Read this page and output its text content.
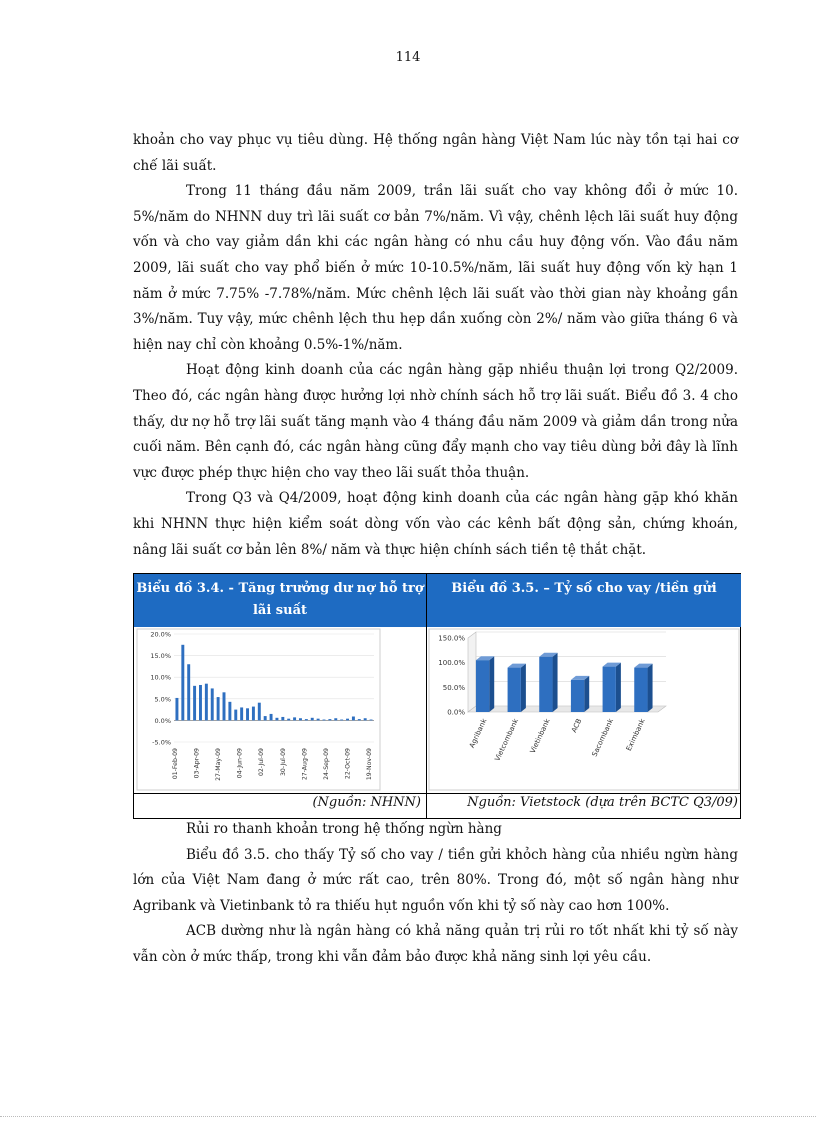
114

khoản cho vay phục vụ tiêu dùng. Hệ thống ngân hàng Việt Nam lúc này tồn tại hai cơ chế lãi suất.

Trong 11 tháng đầu năm 2009, trần lãi suất cho vay không đổi ở mức 10. 5%/năm do NHNN duy trì lãi suất cơ bản 7%/năm. Vì vậy, chênh lệch lãi suất huy động vốn và cho vay giảm dần khi các ngân hàng có nhu cầu huy động vốn. Vào đầu năm 2009, lãi suất cho vay phổ biến ở mức 10-10.5%/năm, lãi suất huy động vốn kỳ hạn 1 năm ở mức 7.75% -7.78%/năm. Mức chênh lệch lãi suất vào thời gian này khoảng gần 3%/năm. Tuy vậy, mức chênh lệch thu hẹp dần xuống còn 2%/ năm vào giữa tháng 6 và hiện nay chỉ còn khoảng 0.5%-1%/năm.

Hoạt động kinh doanh của các ngân hàng gặp nhiều thuận lợi trong Q2/2009. Theo đó, các ngân hàng được hưởng lợi nhờ chính sách hỗ trợ lãi suất. Biểu đồ 3. 4 cho thấy, dư nợ hỗ trợ lãi suất tăng mạnh vào 4 tháng đầu năm 2009 và giảm dần trong nửa cuối năm. Bên cạnh đó, các ngân hàng cũng đẩy mạnh cho vay tiêu dùng bởi đây là lĩnh vực được phép thực hiện cho vay theo lãi suất thỏa thuận.

Trong Q3 và Q4/2009, hoạt động kinh doanh của các ngân hàng gặp khó khăn khi NHNN thực hiện kiểm soát dòng vốn vào các kênh bất động sản, chứng khoán, nâng lãi suất cơ bản lên 8%/ năm và thực hiện chính sách tiền tệ thắt chặt.

Biểu đồ 3.4. - Tăng trưởng dư nợ hỗ trợ lãi suất
Biểu đồ 3.5. – Tỷ số cho vay /tiền gửi
20.0%
15.0%
10.0%
5.0%
0.0%
-5.0%
01-Feb-09 03-Apr-09 27-May-09 04-Jun-09 02-Jul-09 30-Jul-09 27-Aug-09 24-Sep-09 22-Oct-09 19-Nov-09
150.0%
100.0%
50.0%
0.0%
Agribank Vietcombank Vietinbank	ACB Sacombank Eximbank
(Nguồn: NHNN)	Nguồn: Vietstock (dựa trên BCTC Q3/09)

Rủi ro thanh khoản trong hệ thống ngừn hàng

Biểu đồ 3.5. cho thấy Tỷ số cho vay / tiền gửi khỏch hàng của nhiều ngừn hàng lớn của Việt Nam đang ở mức rất cao, trên 80%. Trong đó, một số ngân hàng như Agribank và Vietinbank tỏ ra thiếu hụt nguồn vốn khi tỷ số này cao hơn 100%.

ACB dường như là ngân hàng có khả năng quản trị rủi ro tốt nhất khi tỷ số này vẫn còn ở mức thấp, trong khi vẫn đảm bảo được khả năng sinh lợi yêu cầu.
